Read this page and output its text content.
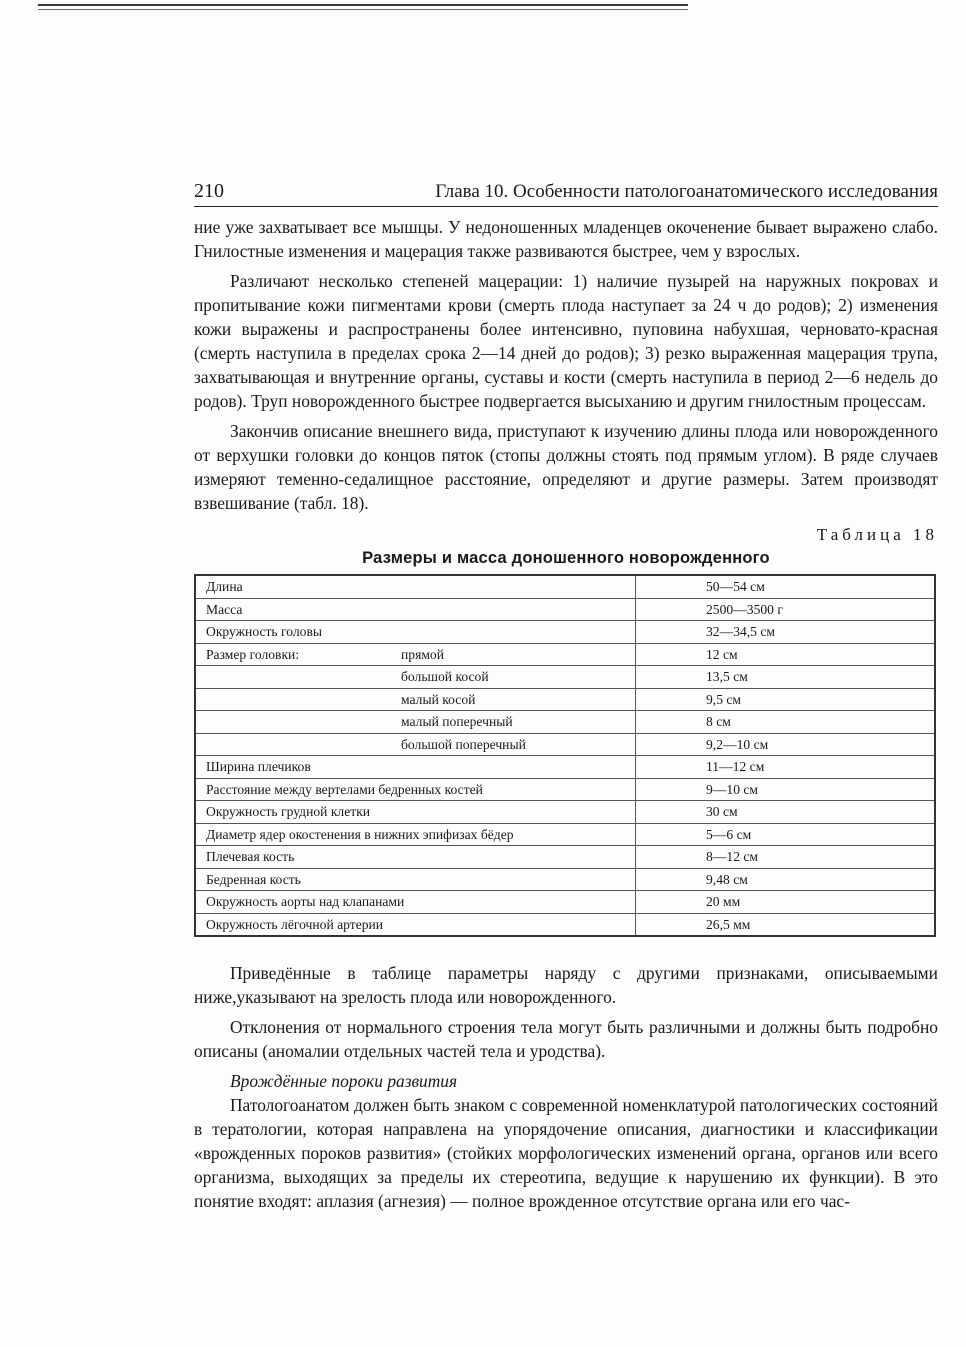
210	Глава 10. Особенности патологоанатомического исследования

ние уже захватывает все мышцы. У недоношенных младенцев окоченение бывает выражено слабо. Гнилостные изменения и мацерация также развиваются быстрее, чем у взрослых.

Различают несколько степеней мацерации: 1) наличие пузырей на наружных покровах и пропитывание кожи пигментами крови (смерть плода наступает за 24 ч до родов); 2) изменения кожи выражены и распространены более интенсивно, пуповина набухшая, черновато-красная (смерть наступила в пределах срока 2—14 дней до родов); 3) резко выраженная мацерация трупа, захватывающая и внутренние органы, суставы и кости (смерть наступила в период 2—6 недель до родов). Труп новорожденного быстрее подвергается высыханию и другим гнилостным процессам.

Закончив описание внешнего вида, приступают к изучению длины плода или новорожденного от верхушки головки до концов пяток (стопы должны стоять под прямым углом). В ряде случаев измеряют теменно-седалищное расстояние, определяют и другие размеры. Затем производят взвешивание (табл. 18).

Таблица 18
Размеры и масса доношенного новорожденного
Длина	50—54 см
Масса	2500—3500 г
Окружность головы	32—34,5 см
Размер головки: прямой	12 см
большой косой	13,5 см
малый косой	9,5 см
малый поперечный	8 см
большой поперечный	9,2—10 см
Ширина плечиков	11—12 см
Расстояние между вертелами бедренных костей	9—10 см
Окружность грудной клетки	30 см
Диаметр ядер окостенения в нижних эпифизах бёдер	5—6 см
Плечевая кость	8—12 см
Бедренная кость	9,48 см
Окружность аорты над клапанами	20 мм
Окружность лёгочной артерии	26,5 мм

Приведённые в таблице параметры наряду с другими признаками, описываемыми ниже,указывают на зрелость плода или новорожденного.

Отклонения от нормального строения тела могут быть различными и должны быть подробно описаны (аномалии отдельных частей тела и уродства).

Врождённые пороки развития

Патологоанатом должен быть знаком с современной номенклатурой патологических состояний в тератологии, которая направлена на упорядочение описания, диагностики и классификации «врожденных пороков развития» (стойких морфологических изменений органа, органов или всего организма, выходящих за пределы их стереотипа, ведущие к нарушению их функции). В это понятие входят: аплазия (агнезия) — полное врожденное отсутствие органа или его час-
